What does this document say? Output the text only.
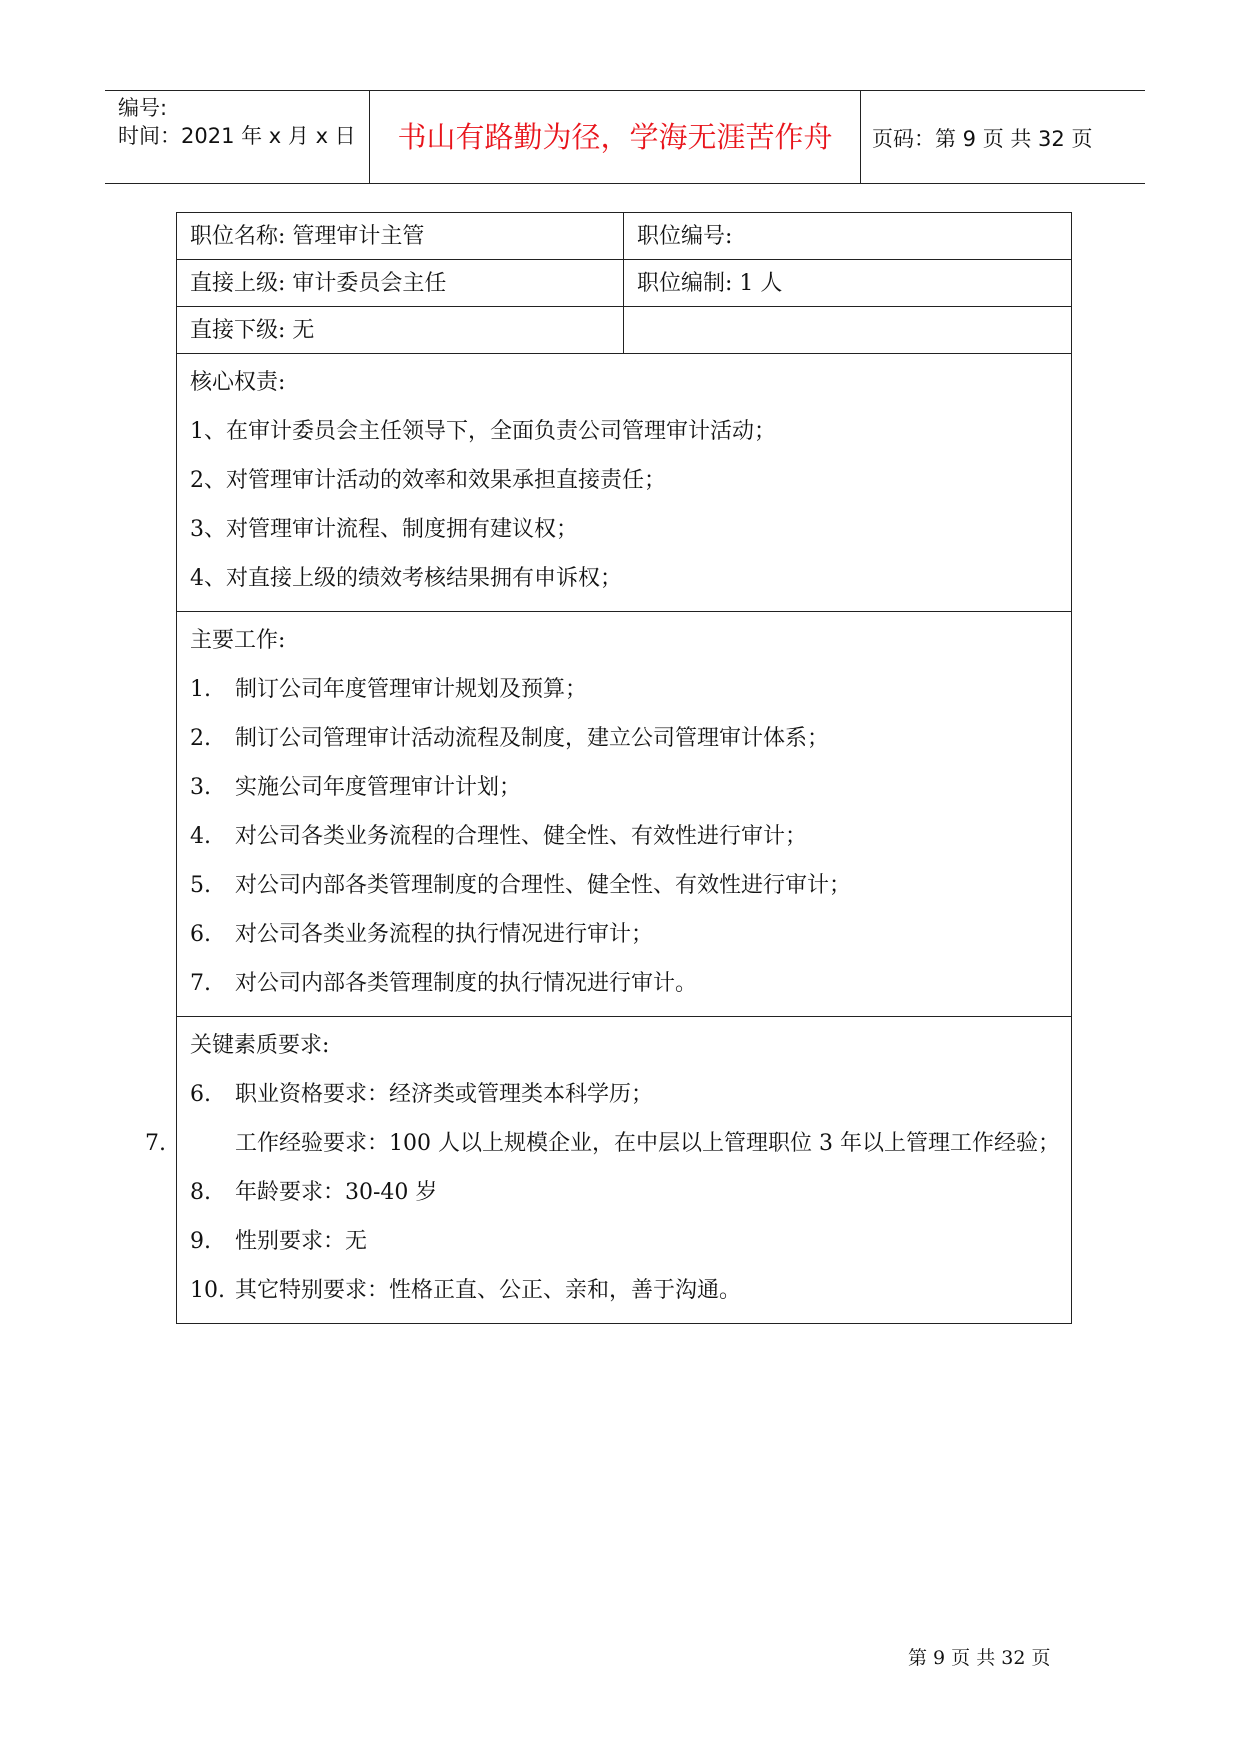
编号:
时间：2021 年 x 月 x 日	书山有路勤为径，学海无涯苦作舟	页码：第 9 页 共 32 页
职位名称: 管理审计主管	职位编号:
直接上级: 审计委员会主任	职位编制: 1 人
直接下级: 无
核心权责:
1、在审计委员会主任领导下，全面负责公司管理审计活动；
2、对管理审计活动的效率和效果承担直接责任；
3、对管理审计流程、制度拥有建议权；
4、对直接上级的绩效考核结果拥有申诉权；
主要工作:
1. 制订公司年度管理审计规划及预算；
2. 制订公司管理审计活动流程及制度，建立公司管理审计体系；
3. 实施公司年度管理审计计划；
4. 对公司各类业务流程的合理性、健全性、有效性进行审计；
5. 对公司内部各类管理制度的合理性、健全性、有效性进行审计；
6. 对公司各类业务流程的执行情况进行审计；
7. 对公司内部各类管理制度的执行情况进行审计。
关键素质要求:
6. 职业资格要求：经济类或管理类本科学历；
7.	工作经验要求：100 人以上规模企业，在中层以上管理职位 3 年以上管理工作经验；
8. 年龄要求：30-40 岁
9. 性别要求：无
10. 其它特别要求：性格正直、公正、亲和，善于沟通。
第 9 页 共 32 页
